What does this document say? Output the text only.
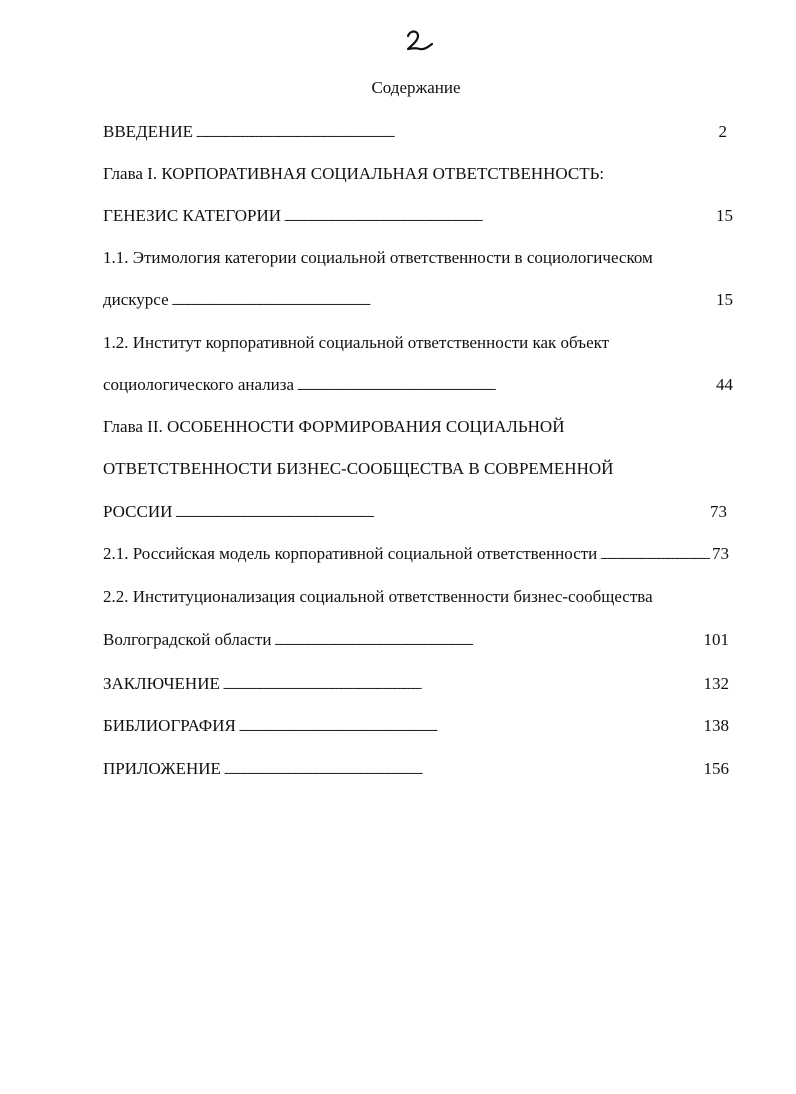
Содержание
ВВЕДЕНИЕ . . .	2
Глава I. КОРПОРАТИВНАЯ СОЦИАЛЬНАЯ ОТВЕТСТВЕННОСТЬ:
ГЕНЕЗИС КАТЕГОРИИ . . .	15
1.1. Этимология категории социальной ответственности в социологическом
дискурсе . . .	15
1.2. Институт корпоративной социальной ответственности как объект
социологического анализа . . .	44
Глава II. ОСОБЕННОСТИ ФОРМИРОВАНИЯ СОЦИАЛЬНОЙ
ОТВЕТСТВЕННОСТИ БИЗНЕС-СООБЩЕСТВА В СОВРЕМЕННОЙ
РОССИИ . . .	73
2.1. Российская модель корпоративной социальной ответственности . . .	73
2.2. Институционализация социальной ответственности бизнес-сообщества
Волгоградской области . . .	101
ЗАКЛЮЧЕНИЕ . . .	132
БИБЛИОГРАФИЯ . . .	138
ПРИЛОЖЕНИЕ . . .	156
